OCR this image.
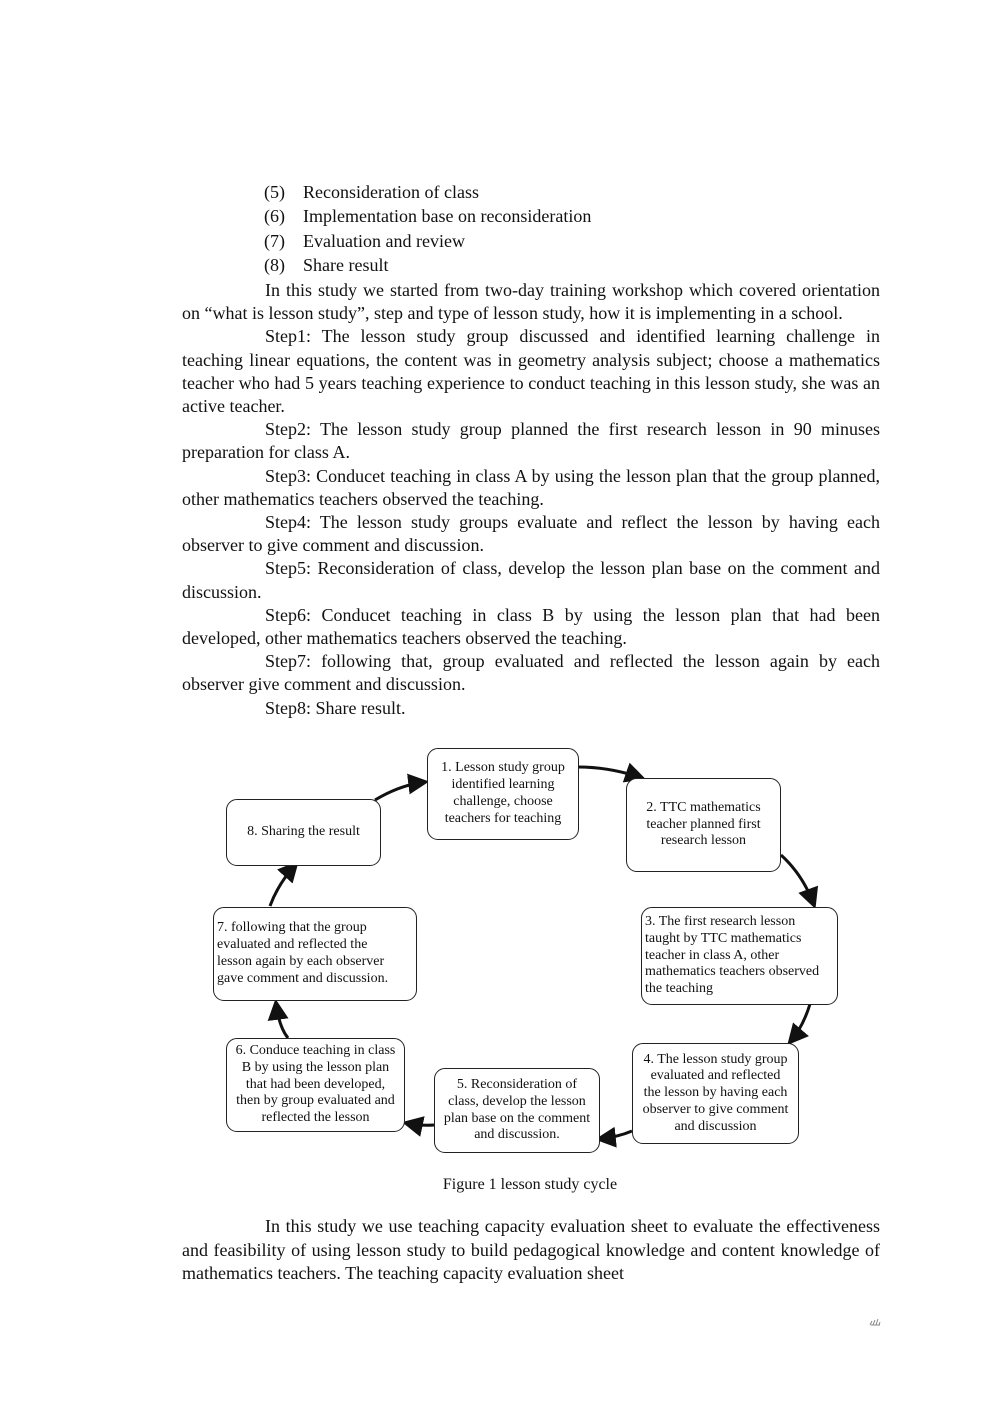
(5) Reconsideration of class
(6) Implementation base on reconsideration
(7) Evaluation and review
(8) Share result

In this study we started from two-day training workshop which covered orientation on “what is lesson study”, step and type of lesson study, how it is implementing in a school.

Step1: The lesson study group discussed and identified learning challenge in teaching linear equations, the content was in geometry analysis subject; choose a mathematics teacher who had 5 years teaching experience to conduct teaching in this lesson study, she was an active teacher.

Step2: The lesson study group planned the first research lesson in 90 minuses preparation for class A.

Step3: Conducet teaching in class A by using the lesson plan that the group planned, other mathematics teachers observed the teaching.

Step4: The lesson study groups evaluate and reflect the lesson by having each observer to give comment and discussion.

Step5: Reconsideration of class, develop the lesson plan base on the comment and discussion.

Step6: Conducet teaching in class B by using the lesson plan that had been developed, other mathematics teachers observed the teaching.

Step7: following that, group evaluated and reflected the lesson again by each observer give comment and discussion.

Step8: Share result.

1. Lesson study group
identified learning
challenge, choose
teachers for teaching
2. TTC mathematics
teacher planned first
research lesson
3. The first research lesson
taught by TTC mathematics
teacher in class A, other
mathematics teachers observed
the teaching
4. The lesson study group
evaluated and reflected
the lesson by having each
observer to give comment
and discussion
5. Reconsideration of
class, develop the lesson
plan base on the comment
and discussion.
6. Conduce teaching in class
B by using the lesson plan
that had been developed,
then by group evaluated and
reflected the lesson
7. following that the group
evaluated and reflected the
lesson again by each observer
gave comment and discussion.
8. Sharing the result
Figure 1 lesson study cycle

In this study we use teaching capacity evaluation sheet to evaluate the effectiveness and feasibility of using lesson study to build pedagogical knowledge and content knowledge of mathematics teachers. The teaching capacity evaluation sheet
